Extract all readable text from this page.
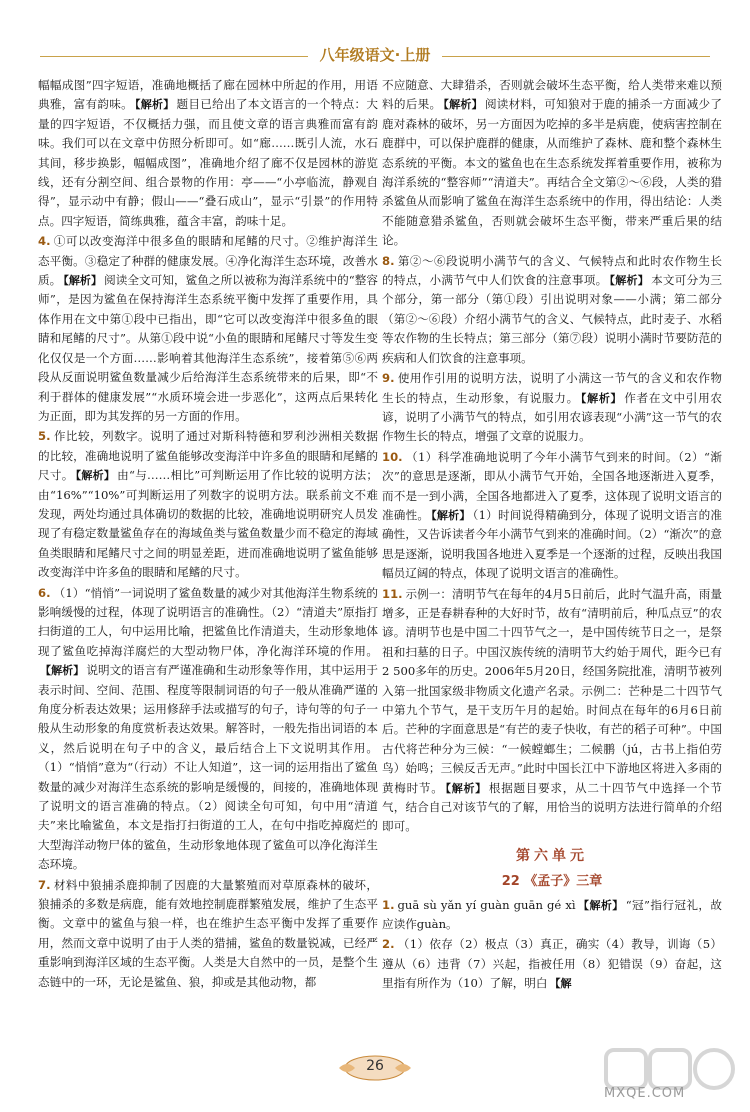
八年级语文·上册
幅幅成图”四字短语，准确地概括了廊在园林中所起的作用，用语典雅，富有韵味。 【解析】 题目已给出了本文语言的一个特点：大量的四字短语，不仅概括力强，而且使文章的语言典雅而富有韵味。我们可以在文章中仿照分析即可。如“廊……既引人流，水石其间，移步换影，幅幅成图”，准确地介绍了廊不仅是园林的游览线，还有分割空间、组合景物的作用：亭——“小亭临流，静观自得”，显示动中有静；假山——“叠石成山”，显示“引景”的作用特点。四字短语，简练典雅，蕴含丰富，韵味十足。
4. ①可以改变海洋中很多鱼的眼睛和尾鳍的尺寸。②维护海洋生态平衡。③稳定了种群的健康发展。④净化海洋生态环境，改善水质。 【解析】 阅读全文可知，鲨鱼之所以被称为海洋系统中的“整容师”，是因为鲨鱼在保持海洋生态系统平衡中发挥了重要作用，具体作用在文中第①段中已指出，即“它可以改变海洋中很多鱼的眼睛和尾鳍的尺寸”。从第①段中说“小鱼的眼睛和尾鳍尺寸等发生变化仅仅是一个方面……影响着其他海洋生态系统”，接着第⑤⑥两段从反面说明鲨鱼数量减少后给海洋生态系统带来的后果，即“不利于群体的健康发展”“水质环境会进一步恶化”，这两点后果转化为正面，即为其发挥的另一方面的作用。
5. 作比较，列数字。说明了通过对斯科特德和罗利沙洲相关数据的比较，准确地说明了鲨鱼能够改变海洋中许多鱼的眼睛和尾鳍的尺寸。 【解析】 由“与……相比”可判断运用了作比较的说明方法；由“16%”“10%”可判断运用了列数字的说明方法。联系前文不难发现，两处均通过具体确切的数据的比较，准确地说明研究人员发现了有稳定数量鲨鱼存在的海域鱼类与鲨鱼数量少而不稳定的海域鱼类眼睛和尾鳍尺寸之间的明显差距，进而准确地说明了鲨鱼能够改变海洋中许多鱼的眼睛和尾鳍的尺寸。
6. （1）“悄悄”一词说明了鲨鱼数量的减少对其他海洋生物系统的影响缓慢的过程，体现了说明语言的准确性。（2）“清道夫”原指打扫街道的工人，句中运用比喻，把鲨鱼比作清道夫，生动形象地体现了鲨鱼吃掉海洋腐烂的大型动物尸体，净化海洋环境的作用。【解析】 说明文的语言有严谨准确和生动形象等作用，其中运用于表示时间、空间、范围、程度等限制词语的句子一般从准确严谨的角度分析表达效果；运用修辞手法或描写的句子，诗句等的句子一般从生动形象的角度赏析表达效果。解答时，一般先指出词语的本义，然后说明在句子中的含义，最后结合上下文说明其作用。（1）“悄悄”意为“（行动）不让人知道”，这一词的运用指出了鲨鱼数量的减少对海洋生态系统的影响是缓慢的，间接的，准确地体现了说明文的语言准确的特点。（2）阅读全句可知，句中用“清道夫”来比喻鲨鱼，本文是指打扫街道的工人，在句中指吃掉腐烂的大型海洋动物尸体的鲨鱼，生动形象地体现了鲨鱼可以净化海洋生态环境。
7. 材料中狼捕杀鹿抑制了因鹿的大量繁殖而对草原森林的破坏，狼捕杀的多数是病鹿，能有效地控制鹿群繁殖发展，维护了生态平衡。文章中的鲨鱼与狼一样，也在维护生态平衡中发挥了重要作用，然而文章中说明了由于人类的猎捕，鲨鱼的数量锐减，已经严重影响到海洋区域的生态平衡。人类是大自然中的一员，是整个生态链中的一环，无论是鲨鱼、狼，抑或是其他动物，都
不应随意、大肆猎杀，否则就会破坏生态平衡，给人类带来难以预料的后果。 【解析】 阅读材料，可知狼对于鹿的捕杀一方面减少了鹿对森林的破坏，另一方面因为吃掉的多半是病鹿，使病害控制在鹿群中，可以保护鹿群的健康，从而维护了森林、鹿和整个森林生态系统的平衡。本文的鲨鱼也在生态系统发挥着重要作用，被称为海洋系统的“整容师”“清道夫”。再结合全文第②～⑥段，人类的猎杀鲨鱼从而影响了鲨鱼在海洋生态系统中的作用，得出结论：人类不能随意猎杀鲨鱼，否则就会破坏生态平衡，带来严重后果的结论。
8. 第②～⑥段说明小满节气的含义、气候特点和此时农作物生长的特点，小满节气中人们饮食的注意事项。 【解析】 本文可分为三个部分，第一部分（第①段）引出说明对象——小满；第二部分（第②～⑥段）介绍小满节气的含义、气候特点，此时麦子、水稻等农作物的生长特点；第三部分（第⑦段）说明小满时节要防范的疾病和人们饮食的注意事项。
9. 使用作引用的说明方法，说明了小满这一节气的含义和农作物生长的特点，生动形象，有说服力。 【解析】 作者在文中引用农谚，说明了小满节气的特点，如引用农谚表现“小满”这一节气的农作物生长的特点，增强了文章的说服力。
10. （1）科学准确地说明了今年小满节气到来的时间。（2）“渐次”的意思是逐渐，即从小满节气开始，全国各地逐渐进入夏季，而不是一到小满，全国各地都进入了夏季，这体现了说明文语言的准确性。 【解析】 （1）时间说得精确到分，体现了说明文语言的准确性，又告诉读者今年小满节气到来的准确时间。（2）“渐次”的意思是逐渐，说明我国各地进入夏季是一个逐渐的过程，反映出我国幅员辽阔的特点，体现了说明文语言的准确性。
11. 示例一：清明节气在每年的4月5日前后，此时气温升高，雨量增多，正是春耕春种的大好时节，故有“清明前后，种瓜点豆”的农谚。清明节也是中国二十四节气之一，是中国传统节日之一，是祭祖和扫墓的日子。中国汉族传统的清明节大约始于周代，距今已有2 500多年的历史。2006年5月20日，经国务院批准，清明节被列入第一批国家级非物质文化遗产名录。示例二：芒种是二十四节气中第九个节气，是干支历午月的起始。时间点在每年的6月6日前后。芒种的字面意思是“有芒的麦子快收，有芒的稻子可种”。中国古代将芒种分为三候：“一候螳螂生；二候鹏（jú，古书上指伯劳鸟）始鸣；三候反舌无声。”此时中国长江中下游地区将进入多雨的黄梅时节。 【解析】 根据题目要求，从二十四节气中选择一个节气，结合自己对该节气的了解，用恰当的说明方法进行简单的介绍即可。
第六单元
22 《孟子》三章
1. guā sù yǎn yí guàn guān gé xì 【解析】 “冠”指行冠礼，故应读作guàn。
2. （1）依存（2）极点（3）真正，确实（4）教导，训诲（5）遵从（6）违背（7）兴起，指被任用（8）犯错误（9）奋起，这里指有所作为（10）了解，明白 【解
26
MXQE.COM
